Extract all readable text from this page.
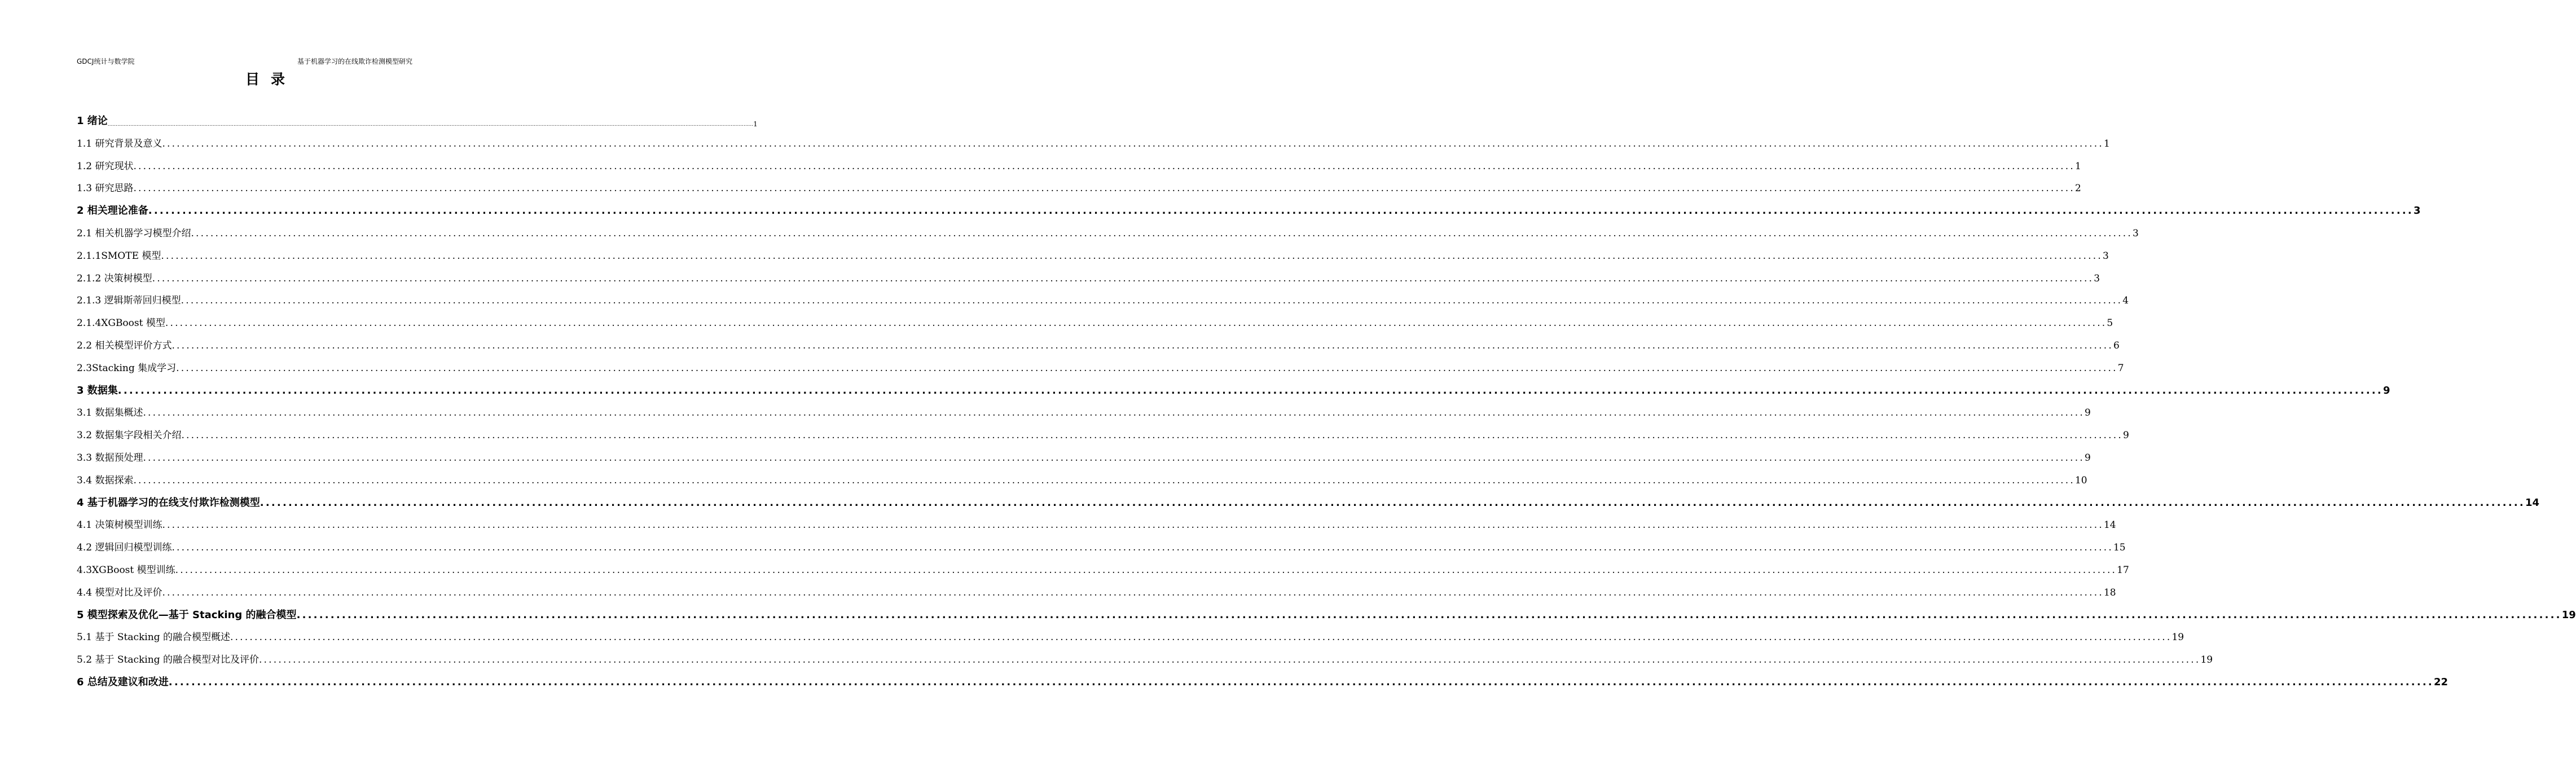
GDCJ统计与数学院	基于机器学习的在线欺诈检测模型研究
目录
1 绪论 ................................................................................................................................................................................................................................................................................................................................................................................................................ 1
1.1 研究背景及意义 ................................................................................................................................................................................................................................................................................................................................................................................................................ 1
1.2 研究现状 ................................................................................................................................................................................................................................................................................................................................................................................................................ 1
1.3 研究思路 ................................................................................................................................................................................................................................................................................................................................................................................................................ 2
2 相关理论准备 ................................................................................................................................................................................................................................................................................................................................................................................................................ 3
2.1 相关机器学习模型介绍 ................................................................................................................................................................................................................................................................................................................................................................................................................ 3
2.1.1SMOTE 模型 ................................................................................................................................................................................................................................................................................................................................................................................................................ 3
2.1.2 决策树模型 ................................................................................................................................................................................................................................................................................................................................................................................................................ 3
2.1.3 逻辑斯蒂回归模型 ................................................................................................................................................................................................................................................................................................................................................................................................................ 4
2.1.4XGBoost 模型 ................................................................................................................................................................................................................................................................................................................................................................................................................ 5
2.2 相关模型评价方式 ................................................................................................................................................................................................................................................................................................................................................................................................................ 6
2.3Stacking 集成学习 ................................................................................................................................................................................................................................................................................................................................................................................................................ 7
3 数据集 ................................................................................................................................................................................................................................................................................................................................................................................................................ 9
3.1 数据集概述 ................................................................................................................................................................................................................................................................................................................................................................................................................ 9
3.2 数据集字段相关介绍 ................................................................................................................................................................................................................................................................................................................................................................................................................ 9
3.3 数据预处理 ................................................................................................................................................................................................................................................................................................................................................................................................................ 9
3.4 数据探索 ................................................................................................................................................................................................................................................................................................................................................................................................................ 10
4 基于机器学习的在线支付欺诈检测模型 ................................................................................................................................................................................................................................................................................................................................................................................................................ 14
4.1 决策树模型训练 ................................................................................................................................................................................................................................................................................................................................................................................................................ 14
4.2 逻辑回归模型训练 ................................................................................................................................................................................................................................................................................................................................................................................................................ 15
4.3XGBoost 模型训练 ................................................................................................................................................................................................................................................................................................................................................................................................................ 17
4.4 模型对比及评价 ................................................................................................................................................................................................................................................................................................................................................................................................................ 18
5 模型探索及优化—基于 Stacking 的融合模型 ................................................................................................................................................................................................................................................................................................................................................................................................................ 19
5.1 基于 Stacking 的融合模型概述 ................................................................................................................................................................................................................................................................................................................................................................................................................ 19
5.2 基于 Stacking 的融合模型对比及评价 ................................................................................................................................................................................................................................................................................................................................................................................................................ 19
6 总结及建议和改进 ................................................................................................................................................................................................................................................................................................................................................................................................................ 22
